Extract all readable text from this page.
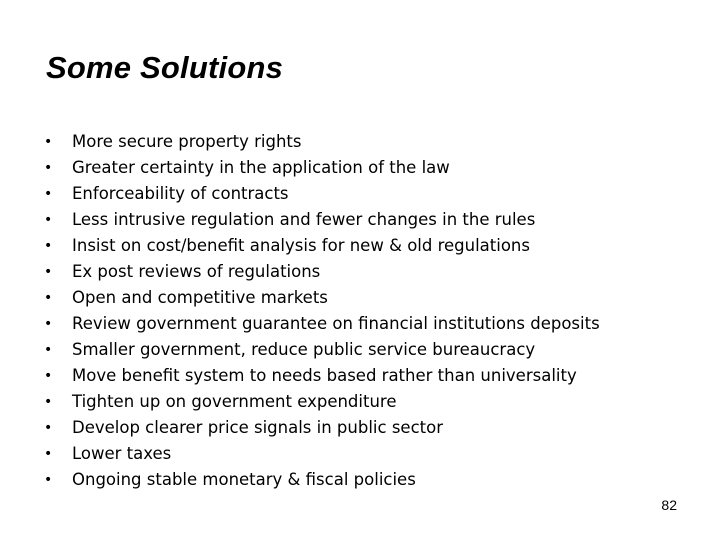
Some Solutions
•	More secure property rights
•	Greater certainty in the application of the law
•	Enforceability of contracts
•	Less intrusive regulation and fewer changes in the rules
•	Insist on cost/benefit analysis for new & old regulations
•	Ex post reviews of regulations
•	Open and competitive markets
•	Review government guarantee on financial institutions deposits
•	Smaller government, reduce public service bureaucracy
•	Move benefit system to needs based rather than universality
•	Tighten up on government expenditure
•	Develop clearer price signals in public sector
•	Lower taxes
•	Ongoing stable monetary & fiscal policies
82
